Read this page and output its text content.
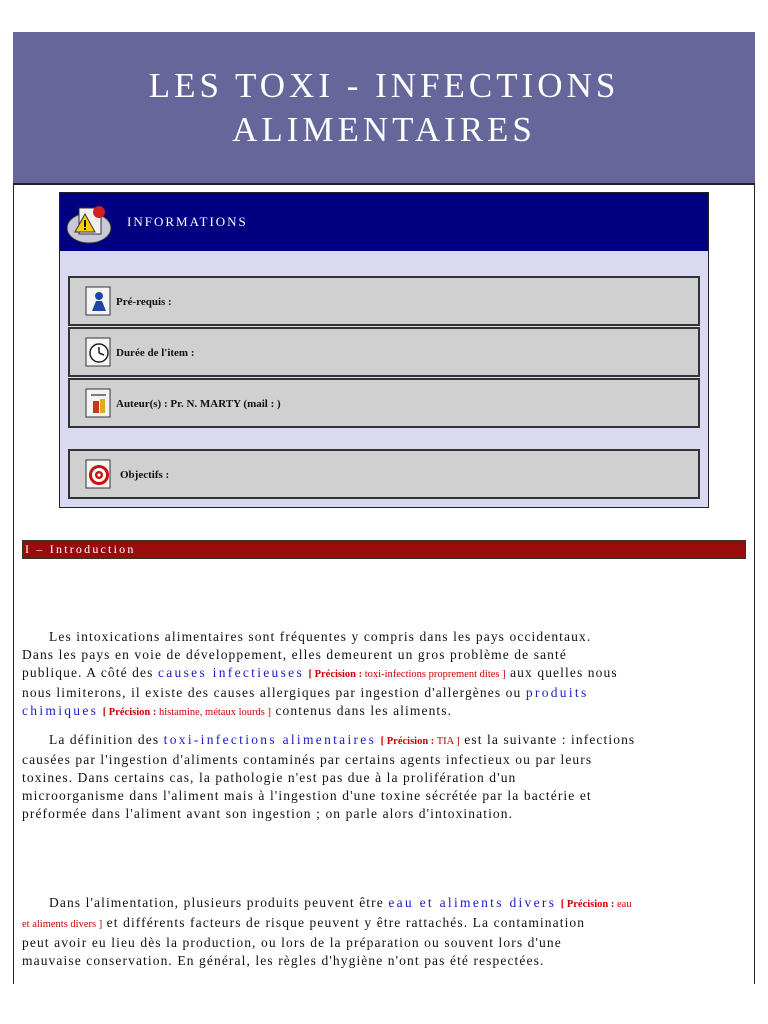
LES TOXI - INFECTIONS
ALIMENTAIRES
INFORMATIONS
Pré-requis :
Durée de l'item :
Auteur(s) : Pr. N. MARTY (mail : )
Objectifs :
I – Introduction
Les intoxications alimentaires sont fréquentes y compris dans les pays occidentaux.
Dans les pays en voie de développement, elles demeurent un gros problème de santé
publique. A côté des causes infectieuses [ Précision : toxi-infections proprement dites ] aux quelles nous
nous limiterons, il existe des causes allergiques par ingestion d'allergènes ou produits
chimiques [ Précision : histamine, métaux lourds ] contenus dans les aliments.
La définition des toxi-infections alimentaires [ Précision : TIA ] est la suivante : infections
causées par l'ingestion d'aliments contaminés par certains agents infectieux ou par leurs
toxines. Dans certains cas, la pathologie n'est pas due à la prolifération d'un
microorganisme dans l'aliment mais à l'ingestion d'une toxine sécrétée par la bactérie et
préformée dans l'aliment avant son ingestion ; on parle alors d'intoxination.
Dans l'alimentation, plusieurs produits peuvent être eau et aliments divers [ Précision : eau
et aliments divers ] et différents facteurs de risque peuvent y être rattachés. La contamination
peut avoir eu lieu dès la production, ou lors de la préparation ou souvent lors d'une
mauvaise conservation. En général, les règles d'hygiène n'ont pas été respectées.
